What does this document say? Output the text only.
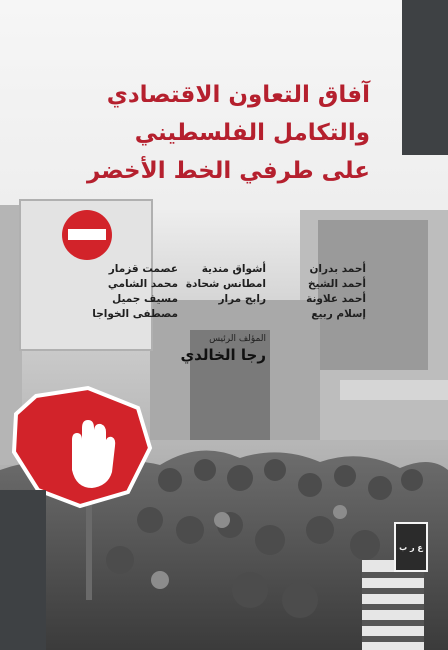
آفاق التعاون الاقتصادي
والتكامل الفلسطيني
على طرفي الخط الأخضر
أحمد بدران
أحمد الشيخ
أحمد علاونة
إسلام ربيع
أشواق مندية
امطانس شحادة
رابح مرار
عصمت قزمار
محمد الشامي
مسيف جميل
مصطفى الخواجا
المؤلف الرئيس
رجا الخالدي
ع ر ب
